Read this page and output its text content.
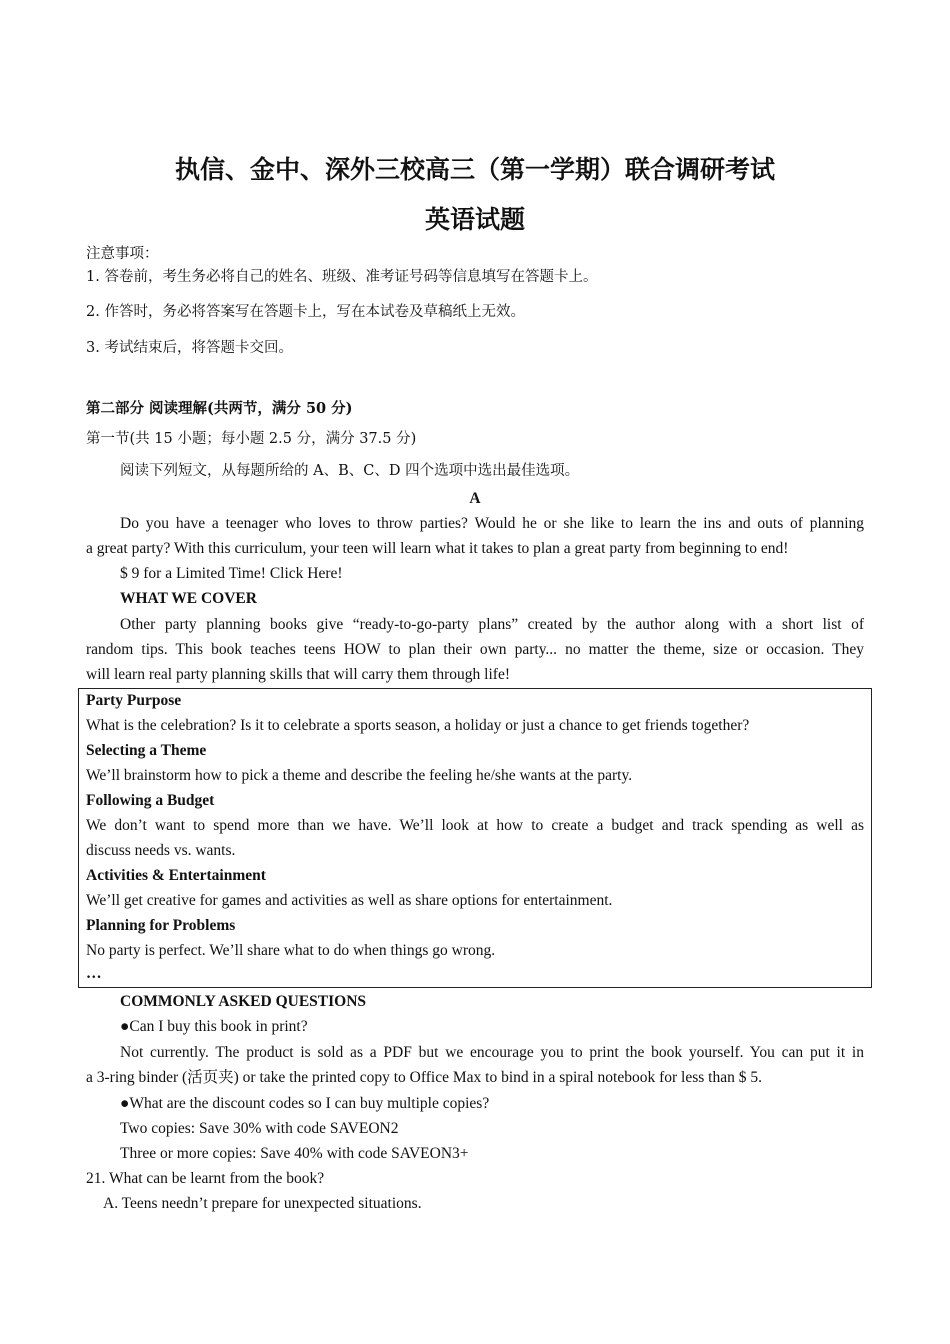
执信、金中、深外三校高三（第一学期）联合调研考试
英语试题
注意事项：
1. 答卷前，考生务必将自己的姓名、班级、准考证号码等信息填写在答题卡上。
2. 作答时，务必将答案写在答题卡上，写在本试卷及草稿纸上无效。
3. 考试结束后，将答题卡交回。
第二部分 阅读理解(共两节，满分 50 分)
第一节(共 15 小题；每小题 2.5 分，满分 37.5 分)
阅读下列短文，从每题所给的 A、B、C、D 四个选项中选出最佳选项。
A
Do you have a teenager who loves to throw parties? Would he or she like to learn the ins and outs of planning
a great party? With this curriculum, your teen will learn what it takes to plan a great party from beginning to end!
$ 9 for a Limited Time! Click Here!
WHAT WE COVER
Other party planning books give “ready-to-go-party plans” created by the author along with a short list of
random tips. This book teaches teens HOW to plan their own party... no matter the theme, size or occasion. They
will learn real party planning skills that will carry them through life!
Party Purpose
What is the celebration? Is it to celebrate a sports season, a holiday or just a chance to get friends together?
Selecting a Theme
We’ll brainstorm how to pick a theme and describe the feeling he/she wants at the party.
Following a Budget
We don’t want to spend more than we have. We’ll look at how to create a budget and track spending as well as
discuss needs vs. wants.
Activities & Entertainment
We’ll get creative for games and activities as well as share options for entertainment.
Planning for Problems
No party is perfect. We’ll share what to do when things go wrong.
…
COMMONLY ASKED QUESTIONS
●Can I buy this book in print?
Not currently. The product is sold as a PDF but we encourage you to print the book yourself. You can put it in
a 3-ring binder (活页夹) or take the printed copy to Office Max to bind in a spiral notebook for less than $ 5.
●What are the discount codes so I can buy multiple copies?
Two copies: Save 30% with code SAVEON2
Three or more copies: Save 40% with code SAVEON3+
21. What can be learnt from the book?
A. Teens needn’t prepare for unexpected situations.
